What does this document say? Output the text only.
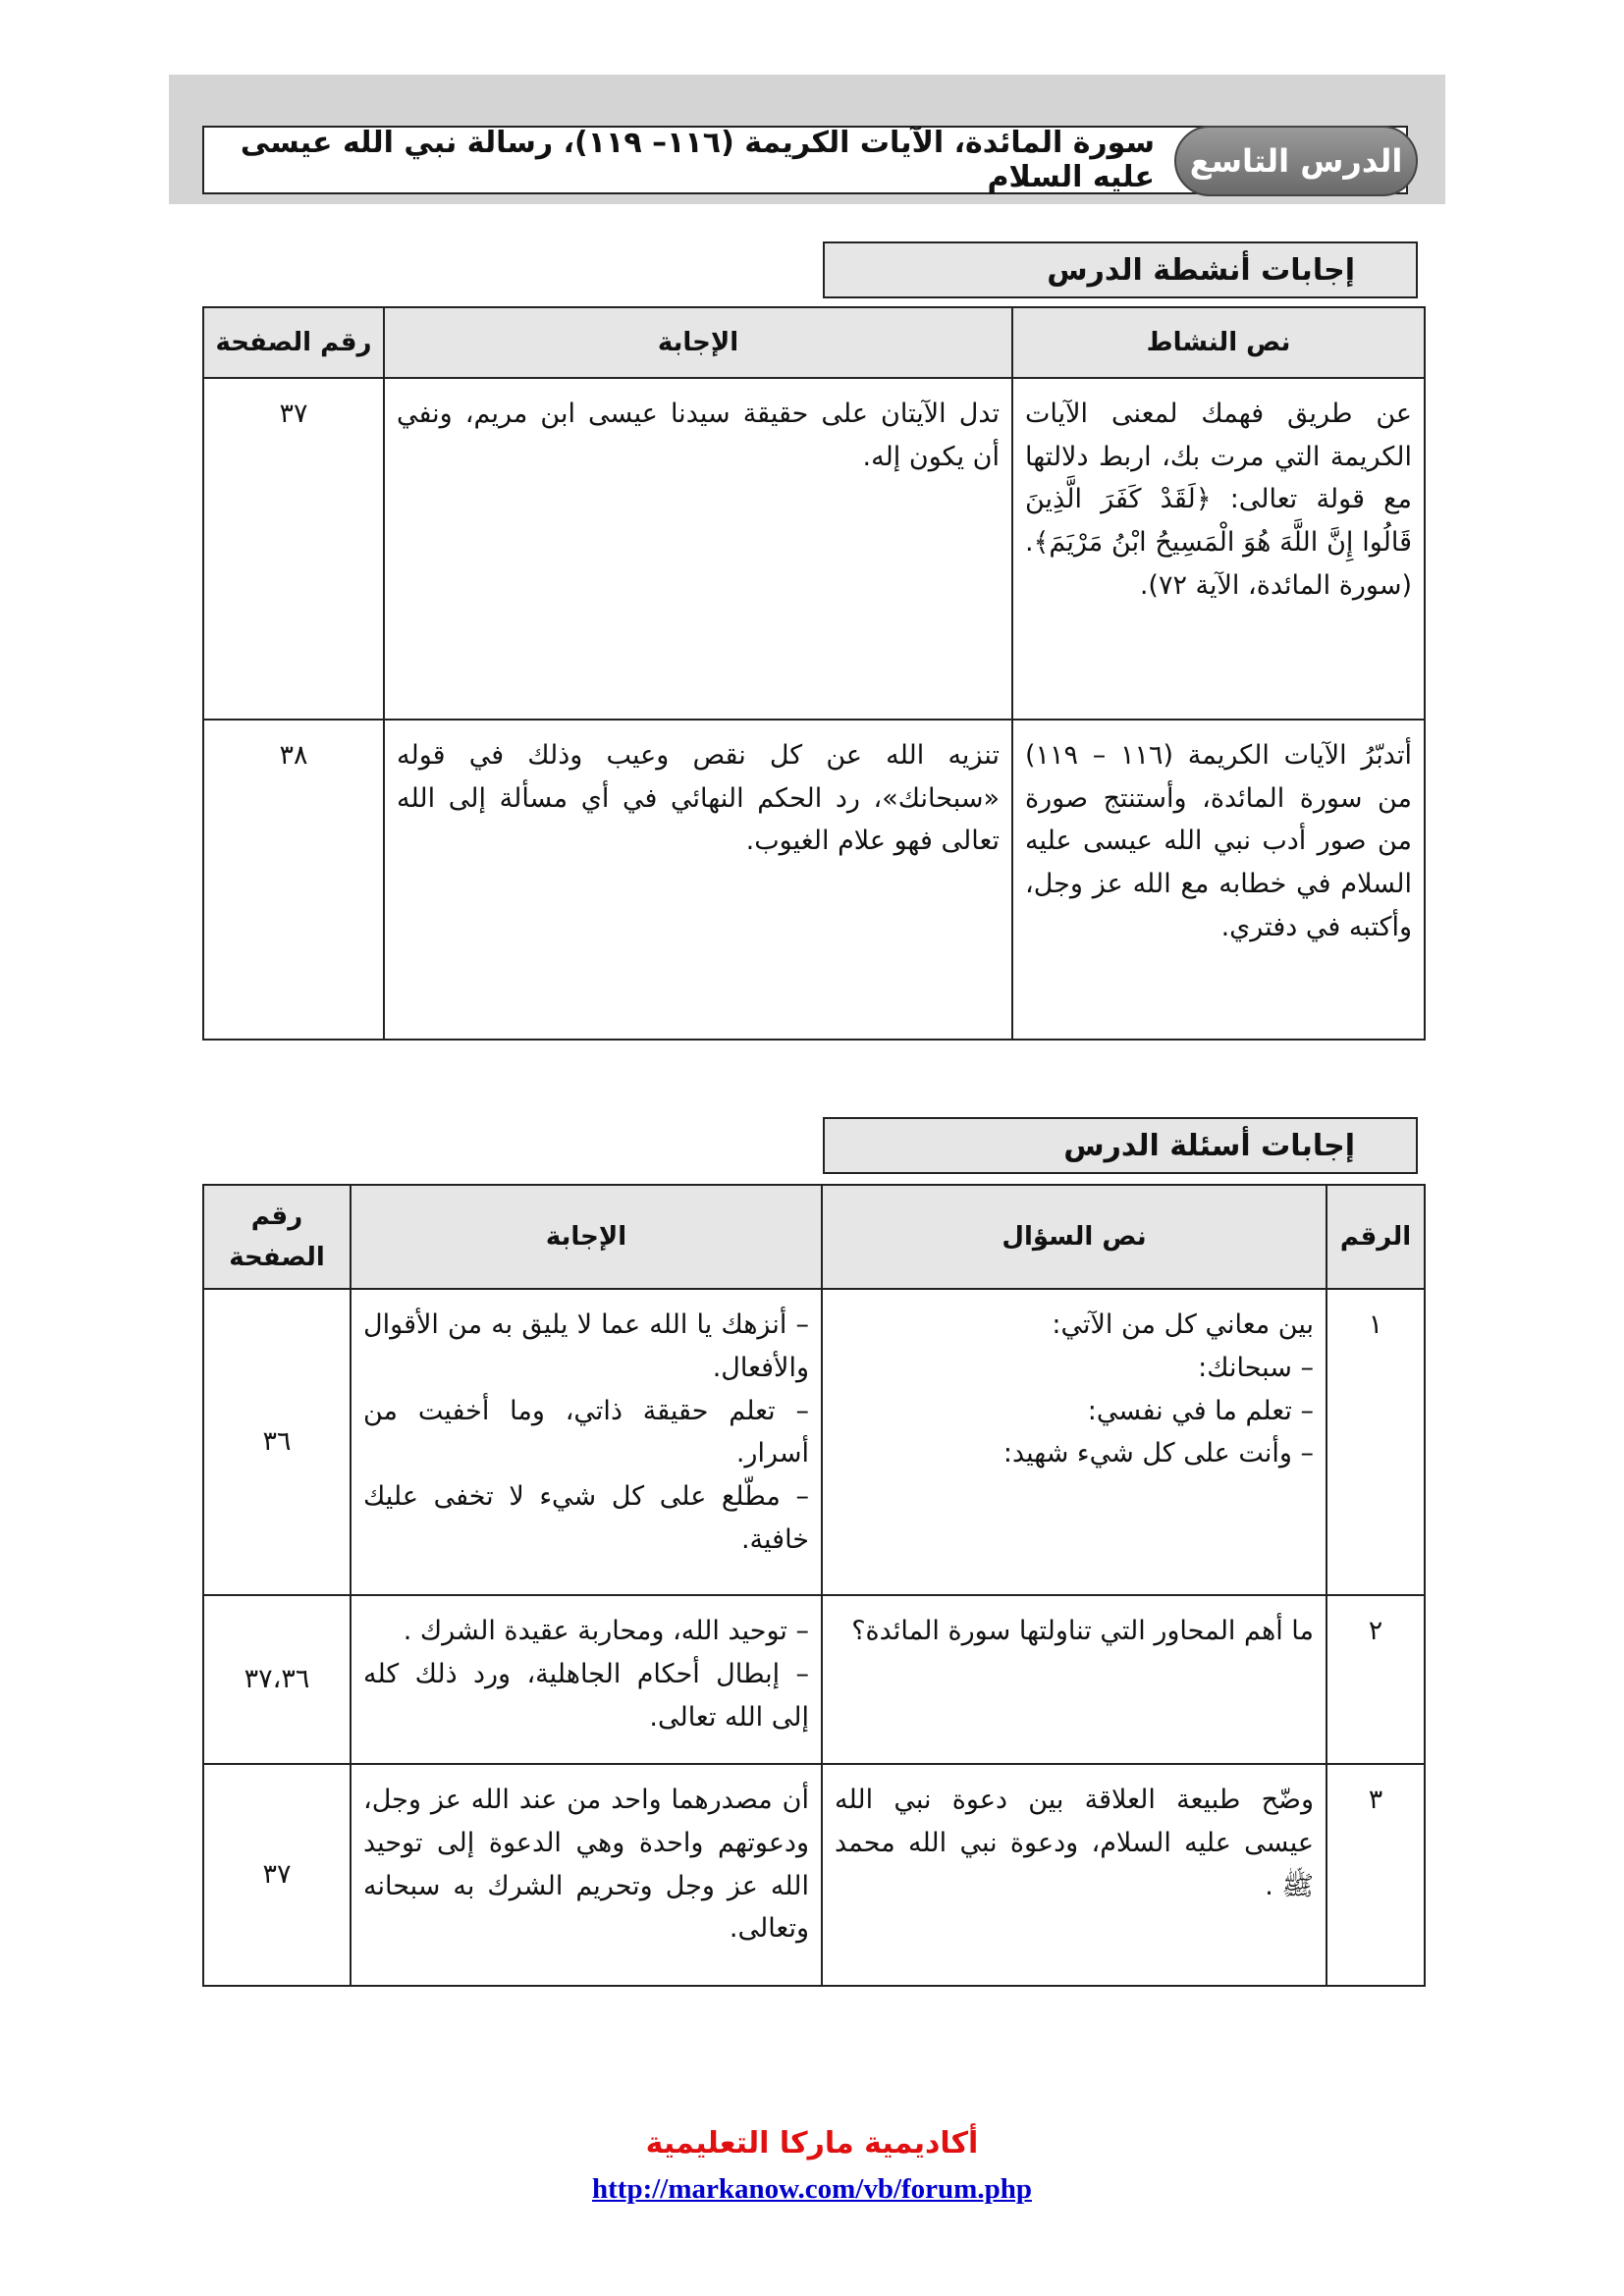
سورة المائدة، الآيات الكريمة (١١٦– ١١٩)، رسالة نبي الله عيسى عليه السلام الدرس التاسع
إجابات أنشطة الدرس
نص النشاط	الإجابة	رقم الصفحة
عن طريق فهمك لمعنى الآيات الكريمة التي مرت بك، اربط دلالتها مع قولة تعالى: ﴿لَقَدْ كَفَرَ الَّذِينَ قَالُوا إِنَّ اللَّهَ هُوَ الْمَسِيحُ ابْنُ مَرْيَمَ﴾. (سورة المائدة، الآية ٧٢).	تدل الآيتان على حقيقة سيدنا عيسى ابن مريم، ونفي أن يكون إله.	٣٧
أتدبّرُ الآيات الكريمة (١١٦ – ١١٩) من سورة المائدة، وأستنتج صورة من صور أدب نبي الله عيسى عليه السلام في خطابه مع الله عز وجل، وأكتبه في دفتري.	تنزيه الله عن كل نقص وعيب وذلك في قوله «سبحانك»، رد الحكم النهائي في أي مسألة إلى الله تعالى فهو علام الغيوب.	٣٨
إجابات أسئلة الدرس
الرقم	نص السؤال	الإجابة	رقم الصفحة
١	بين معاني كل من الآتي:
– سبحانك:
– تعلم ما في نفسي:
– وأنت على كل شيء شهيد:	– أنزهك يا الله عما لا يليق به من الأقوال والأفعال.
– تعلم حقيقة ذاتي، وما أخفيت من أسرار.
– مطّلع على كل شيء لا تخفى عليك خافية.	٣٦
٢	ما أهم المحاور التي تناولتها سورة المائدة؟	– توحيد الله، ومحاربة عقيدة الشرك .
– إبطال أحكام الجاهلية، ورد ذلك كله إلى الله تعالى.	٣٧،٣٦
٣	وضّح طبيعة العلاقة بين دعوة نبي الله عيسى عليه السلام، ودعوة نبي الله محمد ﷺ .	أن مصدرهما واحد من عند الله عز وجل، ودعوتهم واحدة وهي الدعوة إلى توحيد الله عز وجل وتحريم الشرك به سبحانه وتعالى.	٣٧
أكاديمية ماركا التعليمية
http://markanow.com/vb/forum.php
